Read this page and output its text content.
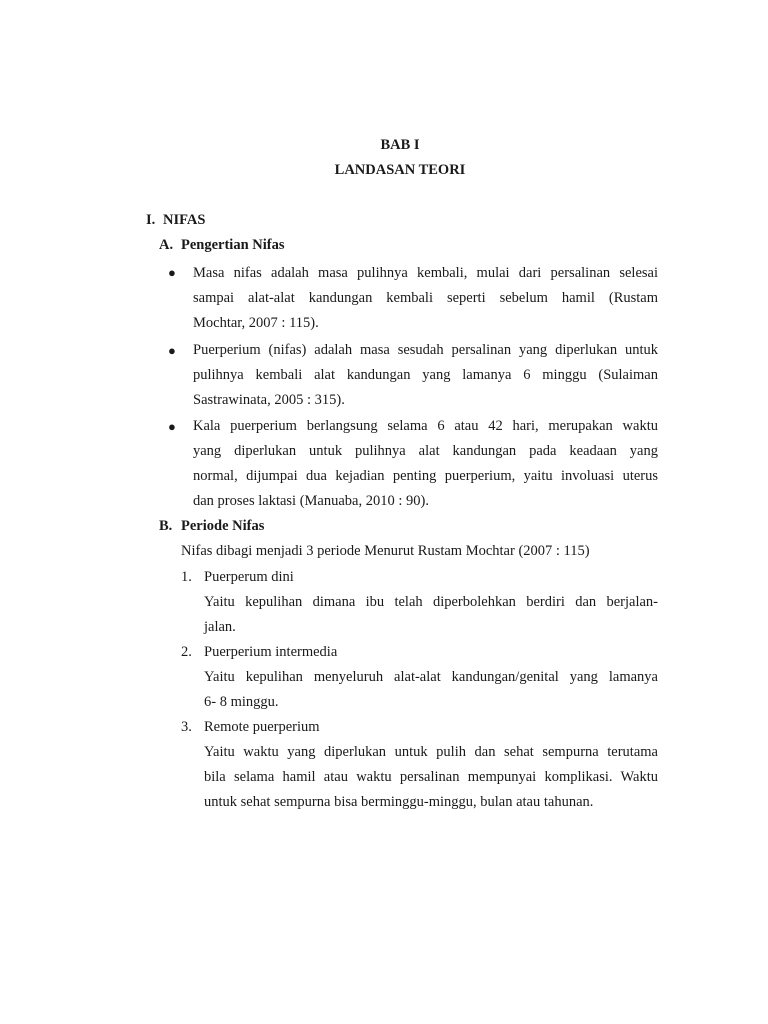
BAB I
LANDASAN TEORI
I. NIFAS
A. Pengertian Nifas
● Masa nifas adalah masa pulihnya kembali, mulai dari persalinan selesai
sampai alat-alat kandungan kembali seperti sebelum hamil (Rustam
Mochtar, 2007 : 115).
● Puerperium (nifas) adalah masa sesudah persalinan yang diperlukan untuk
pulihnya kembali alat kandungan yang lamanya 6 minggu (Sulaiman
Sastrawinata, 2005 : 315).
● Kala puerperium berlangsung selama 6 atau 42 hari, merupakan waktu
yang diperlukan untuk pulihnya alat kandungan pada keadaan yang
normal, dijumpai dua kejadian penting puerperium, yaitu involuasi uterus
dan proses laktasi (Manuaba, 2010 : 90).
B. Periode Nifas
Nifas dibagi menjadi 3 periode Menurut Rustam Mochtar (2007 : 115)
1. Puerperum dini
Yaitu kepulihan dimana ibu telah diperbolehkan berdiri dan berjalan-
jalan.
2. Puerperium intermedia
Yaitu kepulihan menyeluruh alat-alat kandungan/genital yang lamanya
6- 8 minggu.
3. Remote puerperium
Yaitu waktu yang diperlukan untuk pulih dan sehat sempurna terutama
bila selama hamil atau waktu persalinan mempunyai komplikasi. Waktu
untuk sehat sempurna bisa berminggu-minggu, bulan atau tahunan.
